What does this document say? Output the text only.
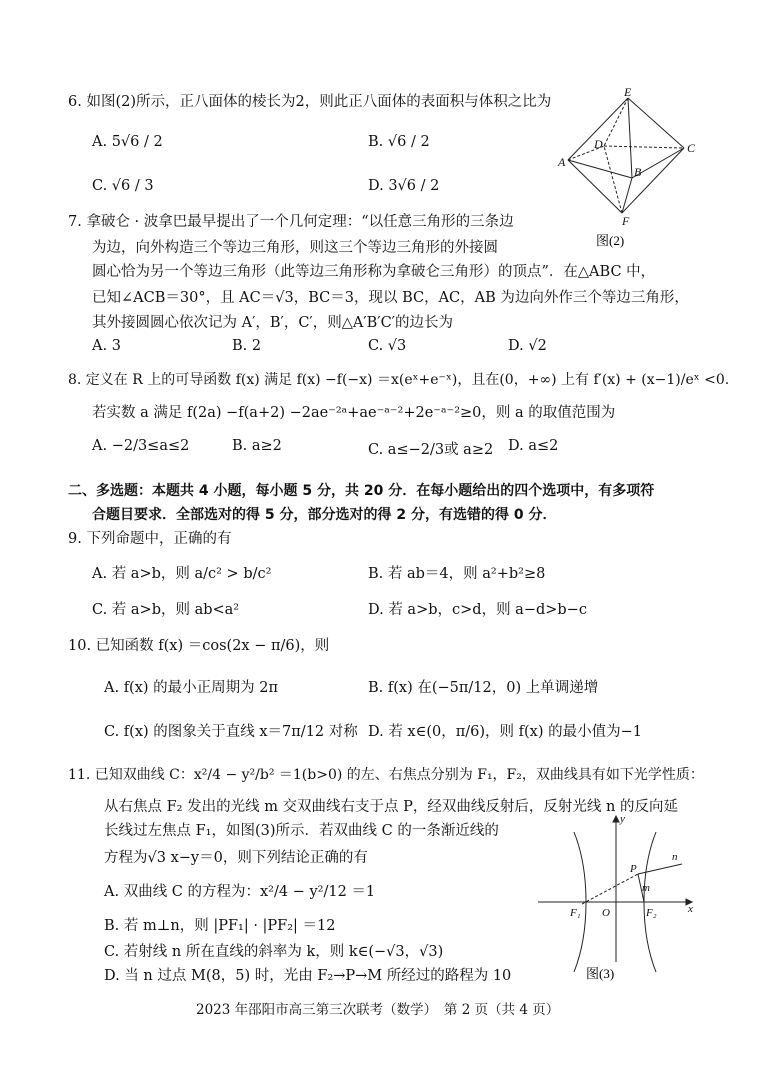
6. 如图(2)所示，正八面体的棱长为2，则此正八面体的表面积与体积之比为
A. 5√6 / 2	B. √6 / 2
C. √6 / 3	D. 3√6 / 2
E
D	C
A
B
F
图(2)
7. 拿破仑 · 波拿巴最早提出了一个几何定理：“以任意三角形的三条边
为边，向外构造三个等边三角形，则这三个等边三角形的外接圆
圆心恰为另一个等边三角形（此等边三角形称为拿破仑三角形）的顶点”．在△ABC 中，
已知∠ACB＝30°，且 AC＝√3，BC＝3，现以 BC，AC，AB 为边向外作三个等边三角形，
其外接圆圆心依次记为 A′，B′，C′，则△A′B′C′的边长为
A. 3	B. 2	C. √3	D. √2
8. 定义在 R 上的可导函数 f(x) 满足 f(x) −f(−x) ＝x(eˣ+e⁻ˣ)，且在(0，+∞) 上有 f′(x) + (x−1)/eˣ <0.
若实数 a 满足 f(2a) −f(a+2) −2ae⁻²ᵃ+ae⁻ᵃ⁻²+2e⁻ᵃ⁻²≥0，则 a 的取值范围为
A. −2/3≤a≤2	B. a≥2	C. a≤−2/3或 a≥2 D. a≤2
二、多选题：本题共 4 小题，每小题 5 分，共 20 分．在每小题给出的四个选项中，有多项符
合题目要求．全部选对的得 5 分，部分选对的得 2 分，有选错的得 0 分．
9. 下列命题中，正确的有
A. 若 a>b，则 a/c² > b/c²	B. 若 ab＝4，则 a²+b²≥8
C. 若 a>b，则 ab<a²	D. 若 a>b，c>d，则 a−d>b−c
10. 已知函数 f(x) ＝cos(2x − π/6)，则
A. f(x) 的最小正周期为 2π	B. f(x) 在(−5π/12，0) 上单调递增
C. f(x) 的图象关于直线 x＝7π/12 对称 D. 若 x∈(0，π/6)，则 f(x) 的最小值为−1
11. 已知双曲线 C：x²/4 − y²/b² ＝1(b>0) 的左、右焦点分别为 F₁，F₂，双曲线具有如下光学性质：
从右焦点 F₂ 发出的光线 m 交双曲线右支于点 P，经双曲线反射后，反射光线 n 的反向延
长线过左焦点 F₁，如图(3)所示．若双曲线 C 的一条渐近线的
方程为√3 x−y＝0，则下列结论正确的有
A. 双曲线 C 的方程为：x²/4 − y²/12 ＝1
B. 若 m⊥n，则 |PF₁| · |PF₂| ＝12
C. 若射线 n 所在直线的斜率为 k，则 k∈(−√3，√3)
D. 当 n 过点 M(8，5) 时，光由 F₂→P→M 所经过的路程为 10
y
P
n
m
F₁ O	F₂	x
图(3)
2023 年邵阳市高三第三次联考（数学）　第 2 页（共 4 页）
